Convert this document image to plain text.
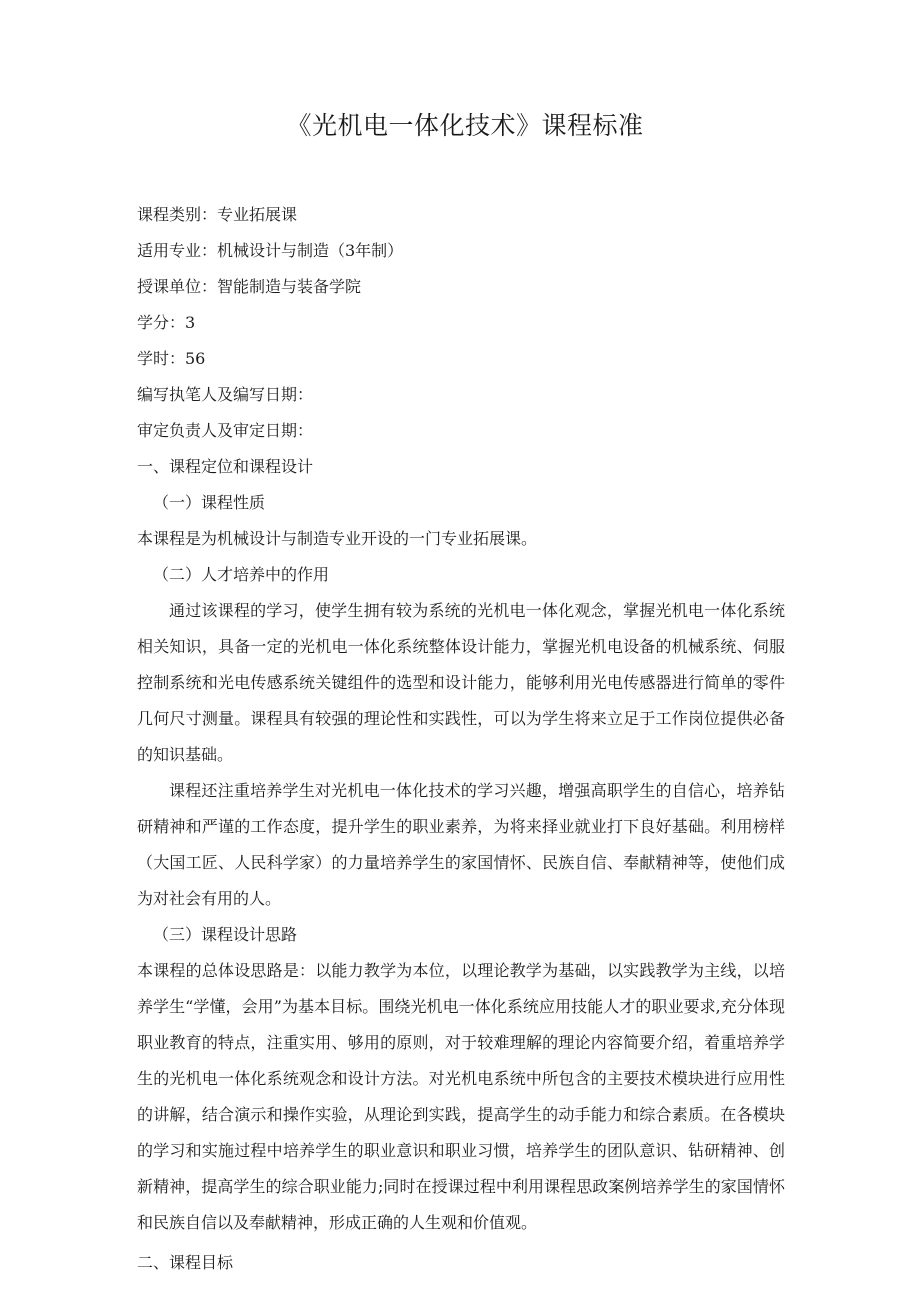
《光机电一体化技术》课程标准
课程类别：专业拓展课
适用专业：机械设计与制造（3年制）
授课单位：智能制造与装备学院
学分：3
学时：56
编写执笔人及编写日期：
审定负责人及审定日期：
一、课程定位和课程设计
（一）课程性质

本课程是为机械设计与制造专业开设的一门专业拓展课。

（二）人才培养中的作用

通过该课程的学习，使学生拥有较为系统的光机电一体化观念，掌握光机电一体化系统相关知识，具备一定的光机电一体化系统整体设计能力，掌握光机电设备的机械系统、伺服控制系统和光电传感系统关键组件的选型和设计能力，能够利用光电传感器进行简单的零件几何尺寸测量。课程具有较强的理论性和实践性，可以为学生将来立足于工作岗位提供必备的知识基础。

课程还注重培养学生对光机电一体化技术的学习兴趣，增强高职学生的自信心，培养钻研精神和严谨的工作态度，提升学生的职业素养，为将来择业就业打下良好基础。利用榜样（大国工匠、人民科学家）的力量培养学生的家国情怀、民族自信、奉献精神等，使他们成为对社会有用的人。

（三）课程设计思路

本课程的总体设思路是：以能力教学为本位，以理论教学为基础，以实践教学为主线，以培养学生“学懂，会用”为基本目标。围绕光机电一体化系统应用技能人才的职业要求,充分体现职业教育的特点，注重实用、够用的原则，对于较难理解的理论内容简要介绍，着重培养学生的光机电一体化系统观念和设计方法。对光机电系统中所包含的主要技术模块进行应用性的讲解，结合演示和操作实验，从理论到实践，提高学生的动手能力和综合素质。在各模块的学习和实施过程中培养学生的职业意识和职业习惯，培养学生的团队意识、钻研精神、创新精神，提高学生的综合职业能力;同时在授课过程中利用课程思政案例培养学生的家国情怀和民族自信以及奉献精神，形成正确的人生观和价值观。

二、课程目标
